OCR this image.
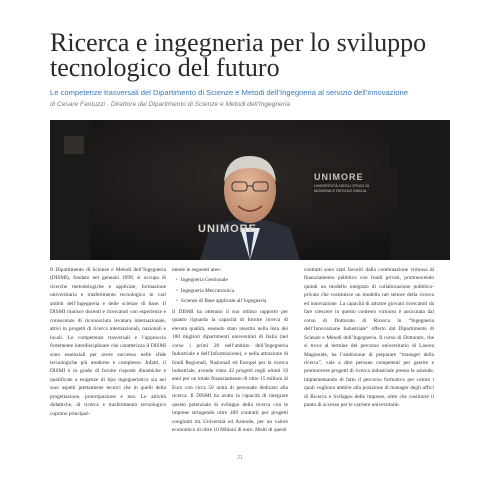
Ricerca e ingegneria per lo sviluppo tecnologico del futuro
Le competenze trasversali del Dipartimento di Scienze e Metodi dell’Ingegneria al servizio dell’innovazione
di Cesare Fantuzzi · Direttore del Dipartimento di Scienze e Metodi dell’Ingegneria
UNIMORE
UNIMORE
UNIVERSITÀ DEGLI STUDI DI
MODENA E REGGIO EMILIA

Il Dipartimento di Scienze e Metodi dell’Ingegneria (DISMI), fondato nel gennaio 1999, si occupa di ricerche metodologiche e applicate, formazione universitaria e trasferimento tecnologico in vari ambiti dell’ingegneria e delle scienze di base. Il DISMI riunisce docenti e ricercatori con esperienze e conoscenze di riconosciuta levatura internazionale, attivi in progetti di ricerca internazionali, nazionali e locali. Le competenze trasversali e l’approccio fortemente interdisciplinare che caratterizza il DISMI sono essenziali per avere successo nelle sfide tecnologiche più moderne e complesse. Infatti, il DISMI è in grado di fornire risposte dinamiche e qualificate a esigenze di tipo ingegneristico sia nei suoi aspetti prettamente tecnici che in quelli della progettazione, prototipazione e test. Le attività didattiche, di ricerca e trasferimento tecnologico coprono principal-

mente le seguenti aree:

• Ingegneria Gestionale
• Ingegneria Meccatronica
• Scienze di Base applicate all’ingegneria

Il DISMI ha ottenuto il suo ottimo rapporto per quanto riguarda la capacità di fornire ricerca di elevata qualità, essendo stato inserito nella lista dei 180 migliori dipartimenti universitari di Italia (nel corso i primi 20 nell’ambito dell’Ingegneria Industriale e dell’Informazione), e nella attrazione di fondi Regionali, Nazionali ed Europei per la ricerca industriale, avendo vinto 42 progetti negli ultimi 10 anni per un totale finanziamento di oltre 15 milioni di Euro con circa 50 unità di personale dedicato alla ricerca. Il DISMI ha avuto la capacità di integrare questo potenziale di sviluppo della ricerca con le imprese stringendo oltre 400 contratti per progetti congiunti tra Università ed Aziende, per un valore economico di oltre 10 Milioni di euro. Molti di questi

contratti sono stati favoriti dalla combinazione virtuosa di finanziamento pubblico con fondi privati, promuovendo quindi un modello integrato di collaborazione pubblico-privato che costituisce un modello nel settore della ricerca ed innovazione. La capacità di attrarre giovani ricercatori da fare crescere in questo contesto virtuoso è assicurata dal corso di Dottorato di Ricerca in “Ingegneria dell’Innovazione Industriale” offerto dal Dipartimento di Scienze e Metodi dell’Ingegneria. Il corso di Dottorato, che si trova al termine del percorso universitario di Laurea Magistrale, ha l’ambizione di preparare “manager della ricerca”, vale a dire persone competenti per gestire e promuovere progetti di ricerca industriale presso le aziende, implementando di fatto il percorso formativo per coloro i quali vogliono ambire alla posizione di manager degli uffici di Ricerca e Sviluppo delle imprese, oltre che costituire il punto di accesso per le carriere universitarie.

21
